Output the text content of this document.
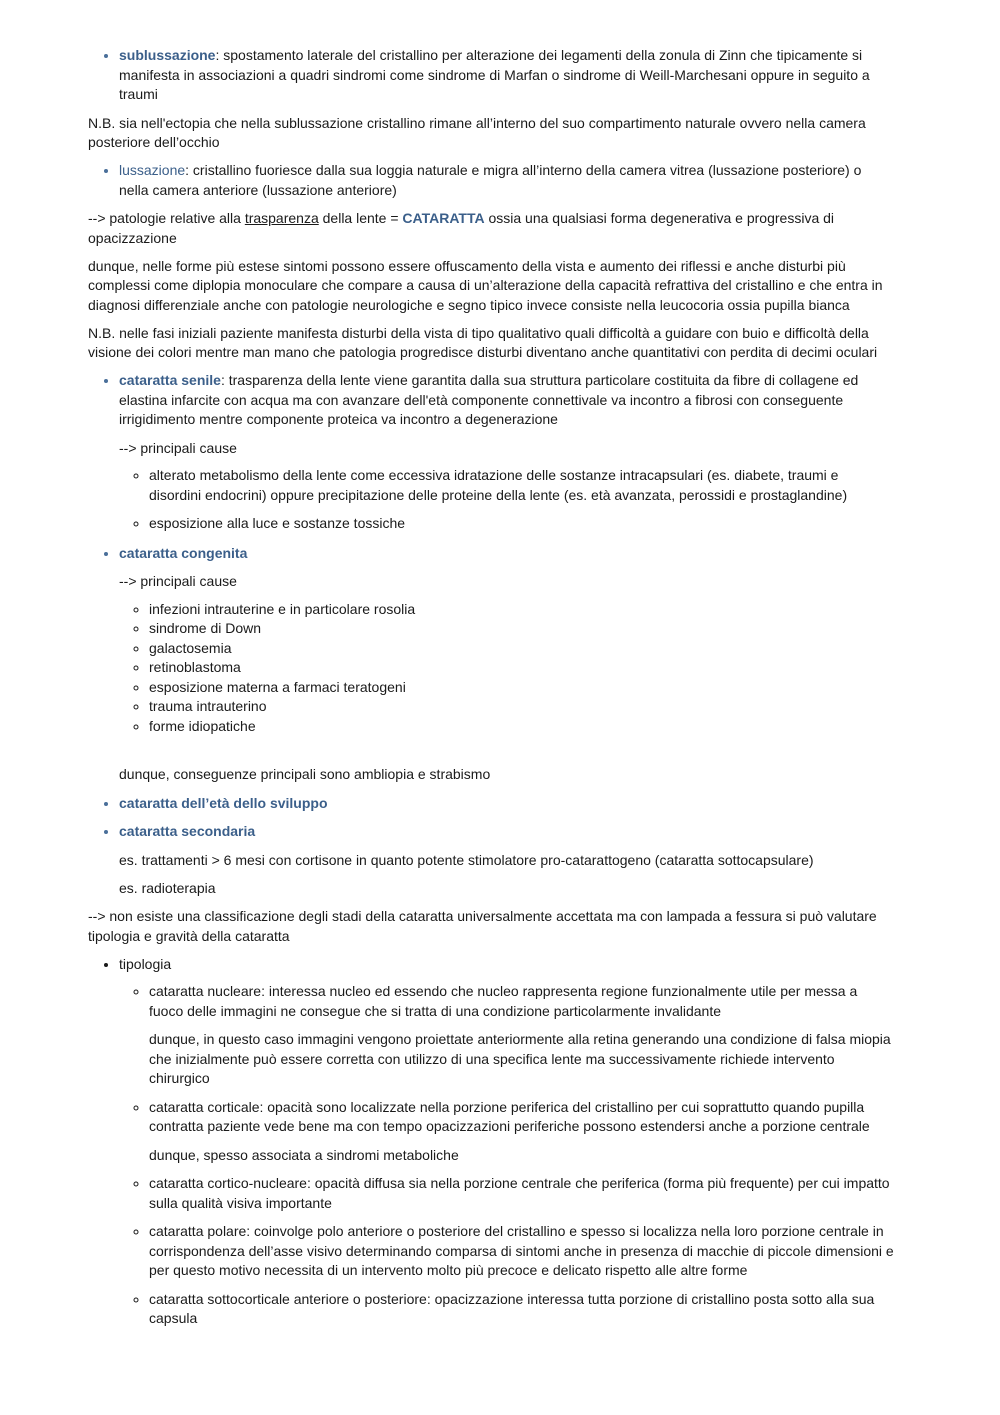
• sublussazione: spostamento laterale del cristallino per alterazione dei legamenti della zonula di Zinn che tipicamente si manifesta in associazioni a quadri sindromi come sindrome di Marfan o sindrome di Weill-Marchesani oppure in seguito a traumi

N.B. sia nell'ectopia che nella sublussazione cristallino rimane all’interno del suo compartimento naturale ovvero nella camera posteriore dell’occhio

• lussazione: cristallino fuoriesce dalla sua loggia naturale e migra all’interno della camera vitrea (lussazione posteriore) o nella camera anteriore (lussazione anteriore)

--> patologie relative alla trasparenza della lente = CATARATTA ossia una qualsiasi forma degenerativa e progressiva di opacizzazione

dunque, nelle forme più estese sintomi possono essere offuscamento della vista e aumento dei riflessi e anche disturbi più complessi come diplopia monoculare che compare a causa di un’alterazione della capacità refrattiva del cristallino e che entra in diagnosi differenziale anche con patologie neurologiche e segno tipico invece consiste nella leucocoria ossia pupilla bianca

N.B. nelle fasi iniziali paziente manifesta disturbi della vista di tipo qualitativo quali difficoltà a guidare con buio e difficoltà della visione dei colori mentre man mano che patologia progredisce disturbi diventano anche quantitativi con perdita di decimi oculari

• cataratta senile: trasparenza della lente viene garantita dalla sua struttura particolare costituita da fibre di collagene ed elastina infarcite con acqua ma con avanzare dell'età componente connettivale va incontro a fibrosi con conseguente irrigidimento mentre componente proteica va incontro a degenerazione

--> principali cause

◦ alterato metabolismo della lente come eccessiva idratazione delle sostanze intracapsulari (es. diabete, traumi e disordini endocrini) oppure precipitazione delle proteine della lente (es. età avanzata, perossidi e prostaglandine)
◦ esposizione alla luce e sostanze tossiche
• cataratta congenita

--> principali cause

◦ infezioni intrauterine e in particolare rosolia
◦ sindrome di Down
◦ galactosemia
◦ retinoblastoma
◦ esposizione materna a farmaci teratogeni
◦ trauma intrauterino
◦ forme idiopatiche

dunque, conseguenze principali sono ambliopia e strabismo

• cataratta dell’età dello sviluppo
• cataratta secondaria

es. trattamenti > 6 mesi con cortisone in quanto potente stimolatore pro-catarattogeno (cataratta sottocapsulare)

es. radioterapia

--> non esiste una classificazione degli stadi della cataratta universalmente accettata ma con lampada a fessura si può valutare tipologia e gravità della cataratta

• tipologia
◦ cataratta nucleare: interessa nucleo ed essendo che nucleo rappresenta regione funzionalmente utile per messa a fuoco delle immagini ne consegue che si tratta di una condizione particolarmente invalidante

dunque, in questo caso immagini vengono proiettate anteriormente alla retina generando una condizione di falsa miopia che inizialmente può essere corretta con utilizzo di una specifica lente ma successivamente richiede intervento chirurgico

◦ cataratta corticale: opacità sono localizzate nella porzione periferica del cristallino per cui soprattutto quando pupilla contratta paziente vede bene ma con tempo opacizzazioni periferiche possono estendersi anche a porzione centrale

dunque, spesso associata a sindromi metaboliche

◦ cataratta cortico-nucleare: opacità diffusa sia nella porzione centrale che periferica (forma più frequente) per cui impatto sulla qualità visiva importante
◦ cataratta polare: coinvolge polo anteriore o posteriore del cristallino e spesso si localizza nella loro porzione centrale in corrispondenza dell’asse visivo determinando comparsa di sintomi anche in presenza di macchie di piccole dimensioni e per questo motivo necessita di un intervento molto più precoce e delicato rispetto alle altre forme
◦ cataratta sottocorticale anteriore o posteriore: opacizzazione interessa tutta porzione di cristallino posta sotto alla sua capsula
